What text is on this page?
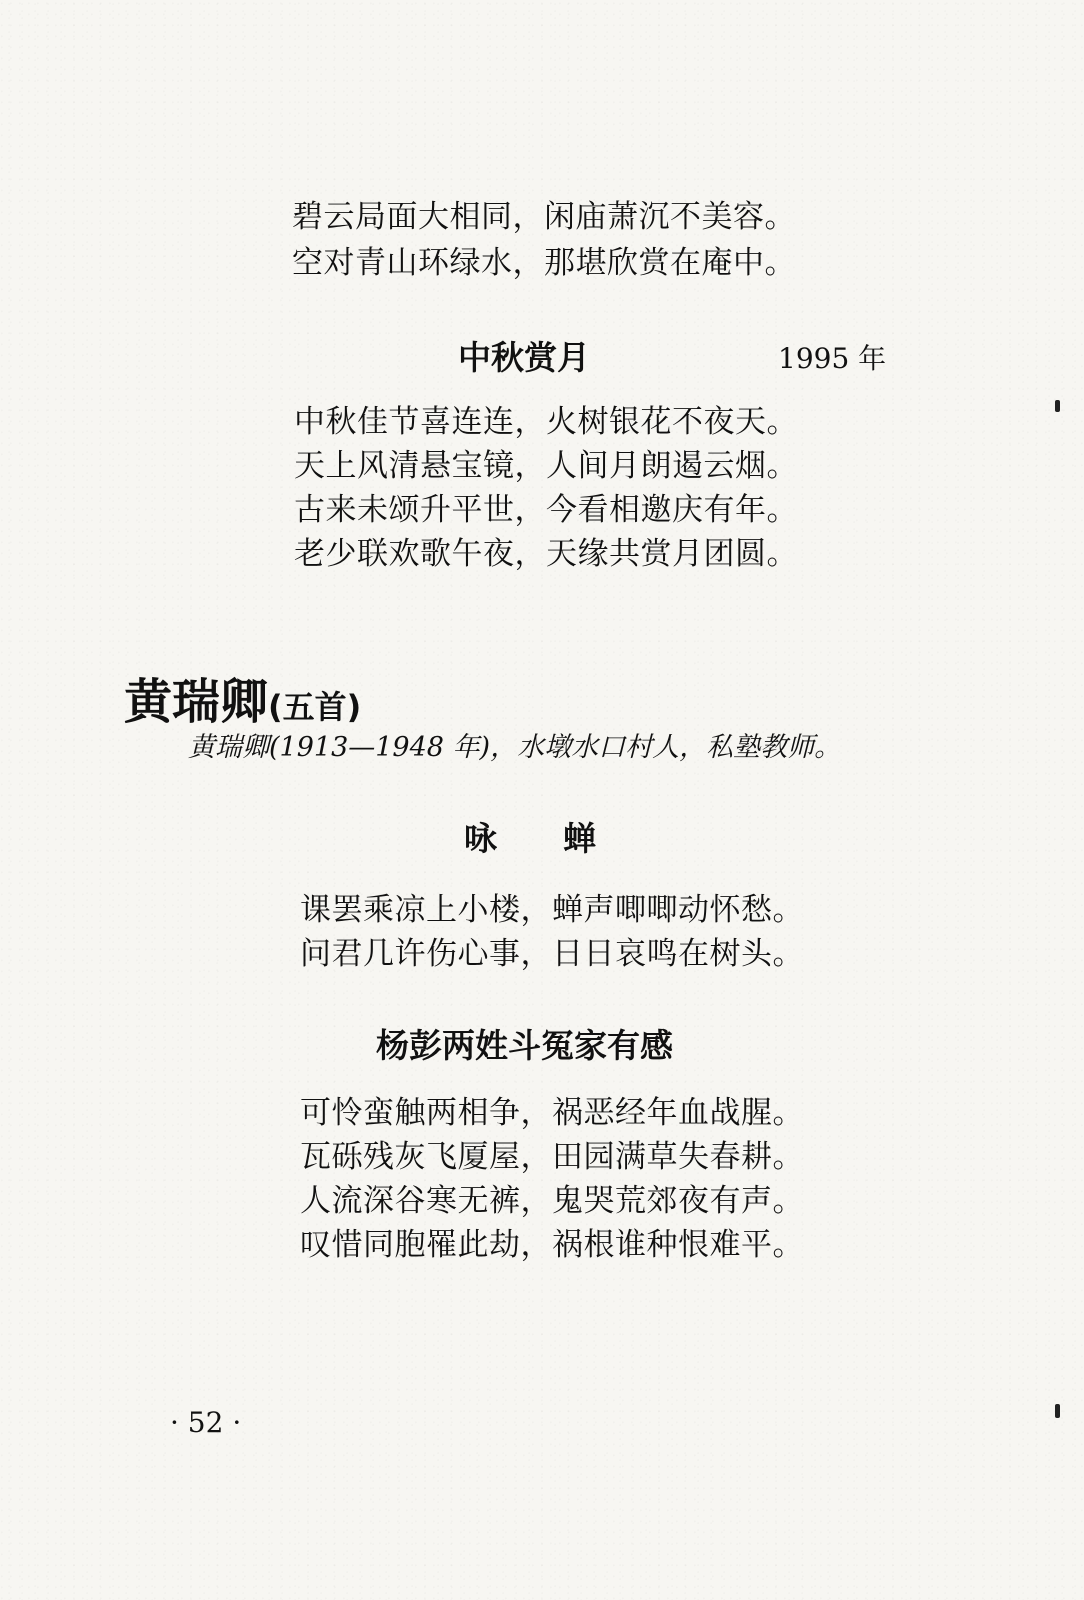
碧云局面大相同，闲庙萧沉不美容。
空对青山环绿水，那堪欣赏在庵中。
中秋赏月	1995 年
中秋佳节喜连连，火树银花不夜天。
天上风清悬宝镜，人间月朗遏云烟。
古来未颂升平世，今看相邀庆有年。
老少联欢歌午夜，天缘共赏月团圆。
黄瑞卿(五首)
黄瑞卿(1913—1948 年)，水墩水口村人，私塾教师。
咏　　蝉
课罢乘凉上小楼，蝉声唧唧动怀愁。
问君几许伤心事，日日哀鸣在树头。
杨彭两姓斗冤家有感
可怜蛮触两相争，祸恶经年血战腥。
瓦砾残灰飞厦屋，田园满草失春耕。
人流深谷寒无裤，鬼哭荒郊夜有声。
叹惜同胞罹此劫，祸根谁种恨难平。
· 52 ·
